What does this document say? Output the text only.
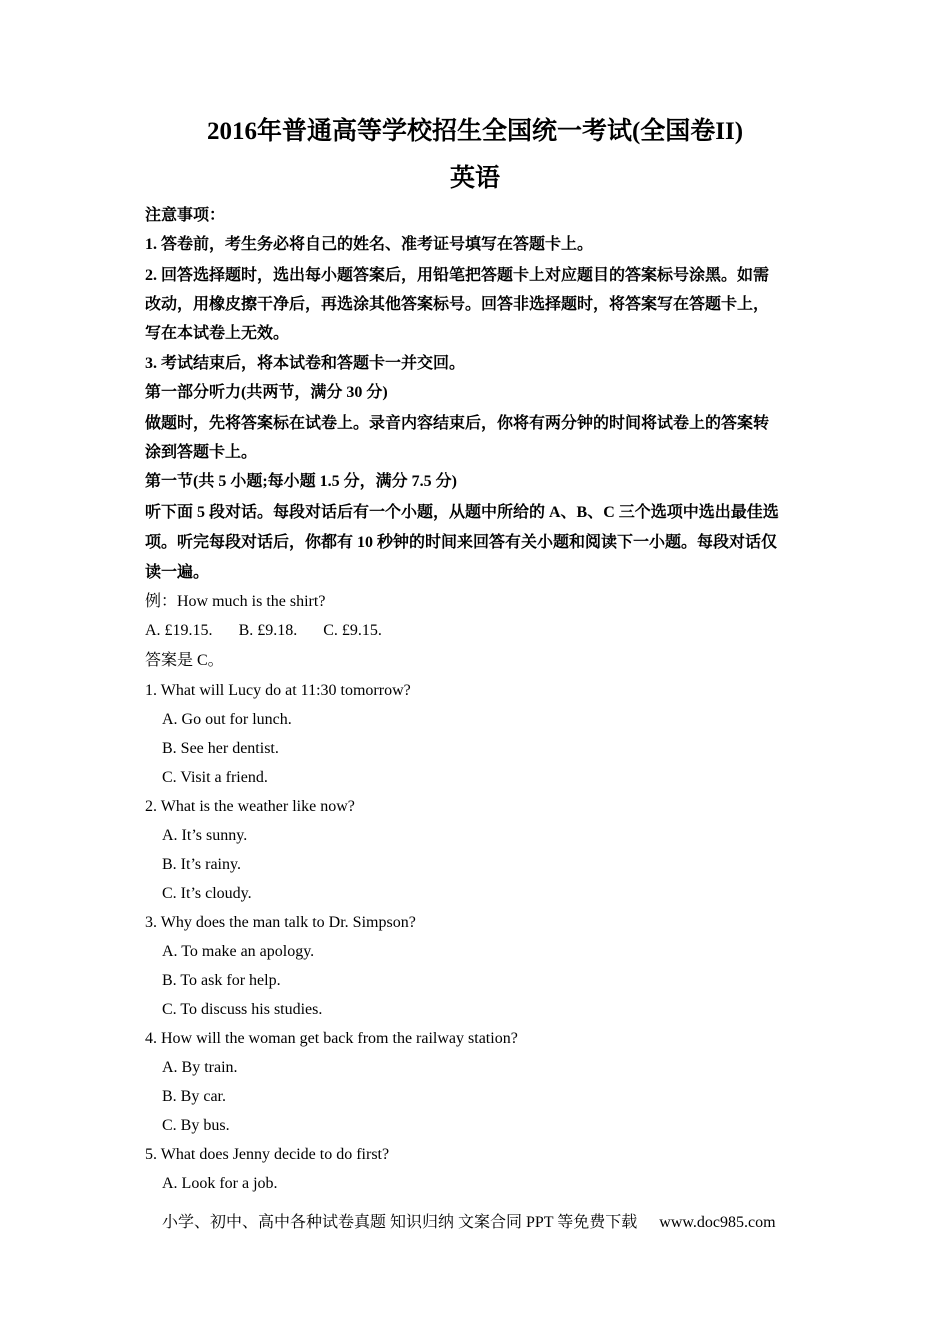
2016年普通高等学校招生全国统一考试(全国卷II)
英语
注意事项：
1. 答卷前，考生务必将自己的姓名、准考证号填写在答题卡上。
2. 回答选择题时，选出每小题答案后，用铅笔把答题卡上对应题目的答案标号涂黑。如需
改动，用橡皮擦干净后，再选涂其他答案标号。回答非选择题时，将答案写在答题卡上，
写在本试卷上无效。
3. 考试结束后，将本试卷和答题卡一并交回。
第一部分听力(共两节，满分 30 分)
做题时，先将答案标在试卷上。录音内容结束后，你将有两分钟的时间将试卷上的答案转
涂到答题卡上。
第一节(共 5 小题;每小题 1.5 分，满分 7.5 分)
听下面 5 段对话。每段对话后有一个小题，从题中所给的 A、B、C 三个选项中选出最佳选
项。听完每段对话后，你都有 10 秒钟的时间来回答有关小题和阅读下一小题。每段对话仅
读一遍。
例：How much is the shirt?
A. £19.15. B. £9.18. C. £9.15.
答案是 C。
1. What will Lucy do at 11:30 tomorrow?
A. Go out for lunch.
B. See her dentist.
C. Visit a friend.
2. What is the weather like now?
A. It’s sunny.
B. It’s rainy.
C. It’s cloudy.
3. Why does the man talk to Dr. Simpson?
A. To make an apology.
B. To ask for help.
C. To discuss his studies.
4. How will the woman get back from the railway station?
A. By train.
B. By car.
C. By bus.
5. What does Jenny decide to do first?
A. Look for a job.
小学、初中、高中各种试卷真题 知识归纳 文案合同 PPT 等免费下载 www.doc985.com
